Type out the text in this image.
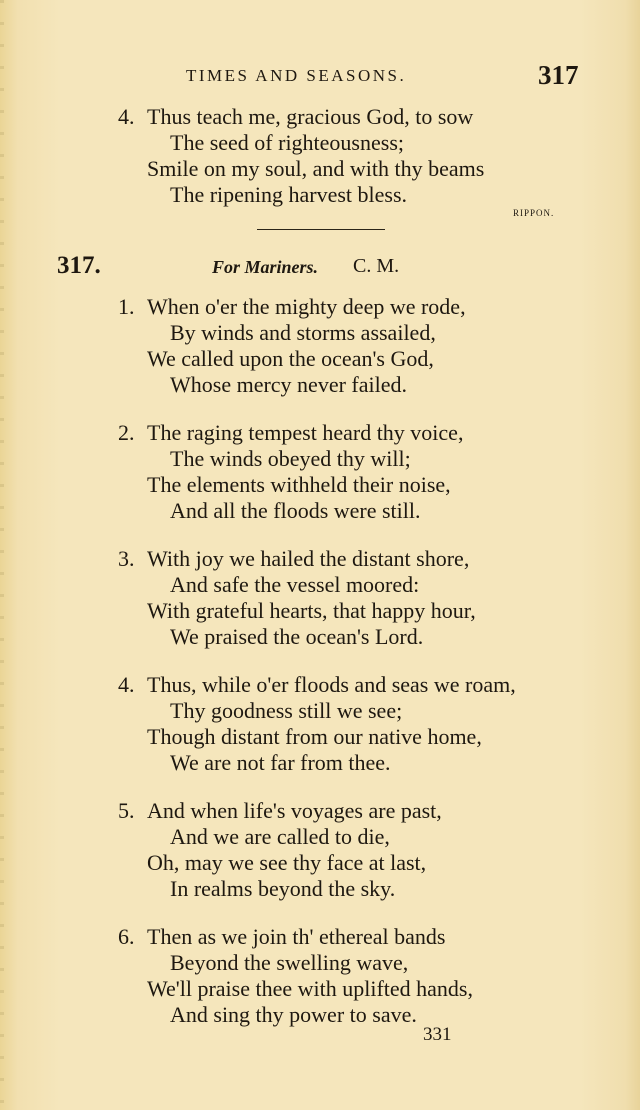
TIMES AND SEASONS.	317
4. Thus teach me, gracious God, to sow
The seed of righteousness;
Smile on my soul, and with thy beams
The ripening harvest bless.
RIPPON.
317.	For Mariners. C. M.
1. When o'er the mighty deep we rode,
By winds and storms assailed,
We called upon the ocean's God,
Whose mercy never failed.
2. The raging tempest heard thy voice,
The winds obeyed thy will;
The elements withheld their noise,
And all the floods were still.
3. With joy we hailed the distant shore,
And safe the vessel moored:
With grateful hearts, that happy hour,
We praised the ocean's Lord.
4. Thus, while o'er floods and seas we roam,
Thy goodness still we see;
Though distant from our native home,
We are not far from thee.
5. And when life's voyages are past,
And we are called to die,
Oh, may we see thy face at last,
In realms beyond the sky.
6. Then as we join th' ethereal bands
Beyond the swelling wave,
We'll praise thee with uplifted hands,
And sing thy power to save.
331
